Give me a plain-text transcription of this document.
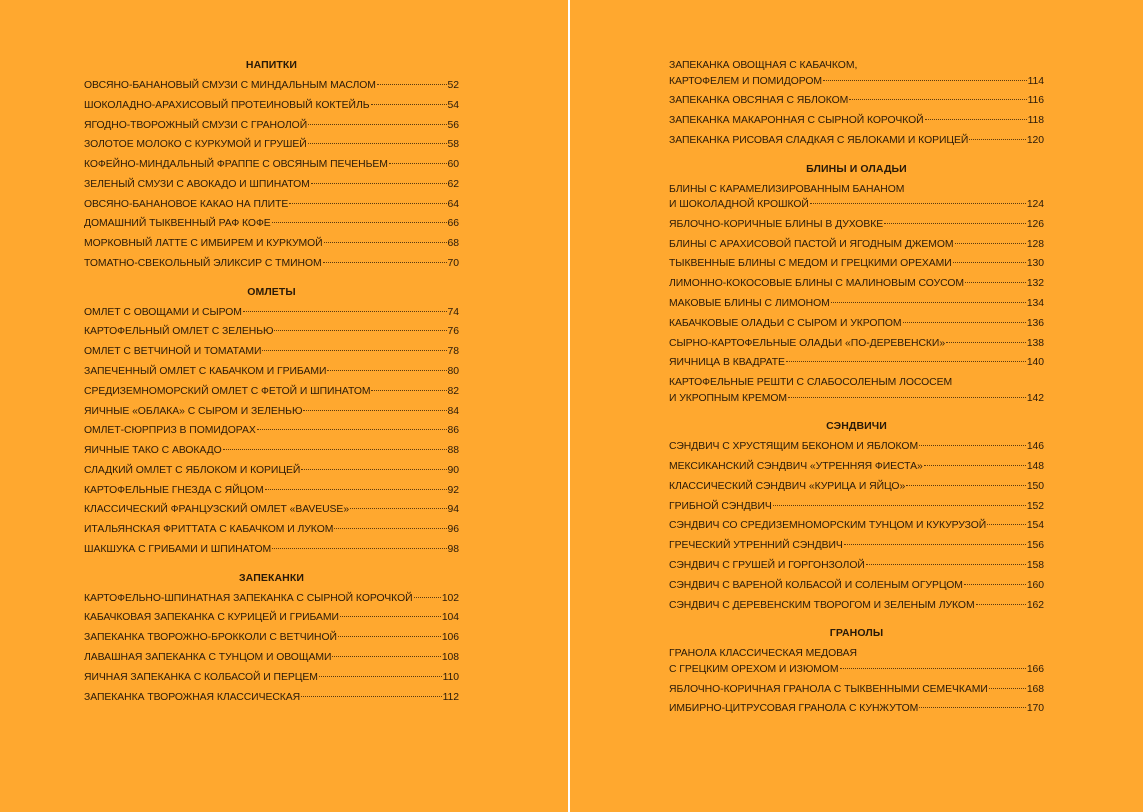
НАПИТКИ
ОВСЯНО-БАНАНОВЫЙ СМУЗИ С МИНДАЛЬНЫМ МАСЛОМ	52
ШОКОЛАДНО-АРАХИСОВЫЙ ПРОТЕИНОВЫЙ КОКТЕЙЛЬ	54
ЯГОДНО-ТВОРОЖНЫЙ СМУЗИ С ГРАНОЛОЙ	56
ЗОЛОТОЕ МОЛОКО С КУРКУМОЙ И ГРУШЕЙ	58
КОФЕЙНО-МИНДАЛЬНЫЙ ФРАППЕ С ОВСЯНЫМ ПЕЧЕНЬЕМ	60
ЗЕЛЕНЫЙ СМУЗИ С АВОКАДО И ШПИНАТОМ	62
ОВСЯНО-БАНАНОВОЕ КАКАО НА ПЛИТЕ	64
ДОМАШНИЙ ТЫКВЕННЫЙ РАФ КОФЕ	66
МОРКОВНЫЙ ЛАТТЕ С ИМБИРЕМ И КУРКУМОЙ	68
ТОМАТНО-СВЕКОЛЬНЫЙ ЭЛИКСИР С ТМИНОМ	70
ОМЛЕТЫ
ОМЛЕТ С ОВОЩАМИ И СЫРОМ	74
КАРТОФЕЛЬНЫЙ ОМЛЕТ С ЗЕЛЕНЬЮ	76
ОМЛЕТ С ВЕТЧИНОЙ И ТОМАТАМИ	78
ЗАПЕЧЕННЫЙ ОМЛЕТ С КАБАЧКОМ И ГРИБАМИ	80
СРЕДИЗЕМНОМОРСКИЙ ОМЛЕТ С ФЕТОЙ И ШПИНАТОМ	82
ЯИЧНЫЕ «ОБЛАКА» С СЫРОМ И ЗЕЛЕНЬЮ	84
ОМЛЕТ-СЮРПРИЗ В ПОМИДОРАХ	86
ЯИЧНЫЕ ТАКО С АВОКАДО	88
СЛАДКИЙ ОМЛЕТ С ЯБЛОКОМ И КОРИЦЕЙ	90
КАРТОФЕЛЬНЫЕ ГНЕЗДА С ЯЙЦОМ	92
КЛАССИЧЕСКИЙ ФРАНЦУЗСКИЙ ОМЛЕТ «BAVEUSE»	94
ИТАЛЬЯНСКАЯ ФРИТТАТА С КАБАЧКОМ И ЛУКОМ	96
ШАКШУКА С ГРИБАМИ И ШПИНАТОМ	98
ЗАПЕКАНКИ
КАРТОФЕЛЬНО-ШПИНАТНАЯ ЗАПЕКАНКА С СЫРНОЙ КОРОЧКОЙ	102
КАБАЧКОВАЯ ЗАПЕКАНКА С КУРИЦЕЙ И ГРИБАМИ	104
ЗАПЕКАНКА ТВОРОЖНО-БРОККОЛИ С ВЕТЧИНОЙ	106
ЛАВАШНАЯ ЗАПЕКАНКА С ТУНЦОМ И ОВОЩАМИ	108
ЯИЧНАЯ ЗАПЕКАНКА С КОЛБАСОЙ И ПЕРЦЕМ	110
ЗАПЕКАНКА ТВОРОЖНАЯ КЛАССИЧЕСКАЯ	112
ЗАПЕКАНКА ОВОЩНАЯ С КАБАЧКОМ,
КАРТОФЕЛЕМ И ПОМИДОРОМ	114
ЗАПЕКАНКА ОВСЯНАЯ С ЯБЛОКОМ	116
ЗАПЕКАНКА МАКАРОННАЯ С СЫРНОЙ КОРОЧКОЙ	118
ЗАПЕКАНКА РИСОВАЯ СЛАДКАЯ С ЯБЛОКАМИ И КОРИЦЕЙ	120
БЛИНЫ И ОЛАДЬИ
БЛИНЫ С КАРАМЕЛИЗИРОВАННЫМ БАНАНОМ
И ШОКОЛАДНОЙ КРОШКОЙ	124
ЯБЛОЧНО-КОРИЧНЫЕ БЛИНЫ В ДУХОВКЕ	126
БЛИНЫ С АРАХИСОВОЙ ПАСТОЙ И ЯГОДНЫМ ДЖЕМОМ	128
ТЫКВЕННЫЕ БЛИНЫ С МЕДОМ И ГРЕЦКИМИ ОРЕХАМИ	130
ЛИМОННО-КОКОСОВЫЕ БЛИНЫ С МАЛИНОВЫМ СОУСОМ	132
МАКОВЫЕ БЛИНЫ С ЛИМОНОМ	134
КАБАЧКОВЫЕ ОЛАДЬИ С СЫРОМ И УКРОПОМ	136
СЫРНО-КАРТОФЕЛЬНЫЕ ОЛАДЬИ «ПО-ДЕРЕВЕНСКИ»	138
ЯИЧНИЦА В КВАДРАТЕ	140
КАРТОФЕЛЬНЫЕ РЕШТИ С СЛАБОСОЛЕНЫМ ЛОСОСЕМ
И УКРОПНЫМ КРЕМОМ	142
СЭНДВИЧИ
СЭНДВИЧ С ХРУСТЯЩИМ БЕКОНОМ И ЯБЛОКОМ	146
МЕКСИКАНСКИЙ СЭНДВИЧ «УТРЕННЯЯ ФИЕСТА»	148
КЛАССИЧЕСКИЙ СЭНДВИЧ «КУРИЦА И ЯЙЦО»	150
ГРИБНОЙ СЭНДВИЧ	152
СЭНДВИЧ СО СРЕДИЗЕМНОМОРСКИМ ТУНЦОМ И КУКУРУЗОЙ	154
ГРЕЧЕСКИЙ УТРЕННИЙ СЭНДВИЧ	156
СЭНДВИЧ С ГРУШЕЙ И ГОРГОНЗОЛОЙ	158
СЭНДВИЧ С ВАРЕНОЙ КОЛБАСОЙ И СОЛЕНЫМ ОГУРЦОМ	160
СЭНДВИЧ С ДЕРЕВЕНСКИМ ТВОРОГОМ И ЗЕЛЕНЫМ ЛУКОМ	162
ГРАНОЛЫ
ГРАНОЛА КЛАССИЧЕСКАЯ МЕДОВАЯ
С ГРЕЦКИМ ОРЕХОМ И ИЗЮМОМ	166
ЯБЛОЧНО-КОРИЧНАЯ ГРАНОЛА С ТЫКВЕННЫМИ СЕМЕЧКАМИ	168
ИМБИРНО-ЦИТРУСОВАЯ ГРАНОЛА С КУНЖУТОМ	170
